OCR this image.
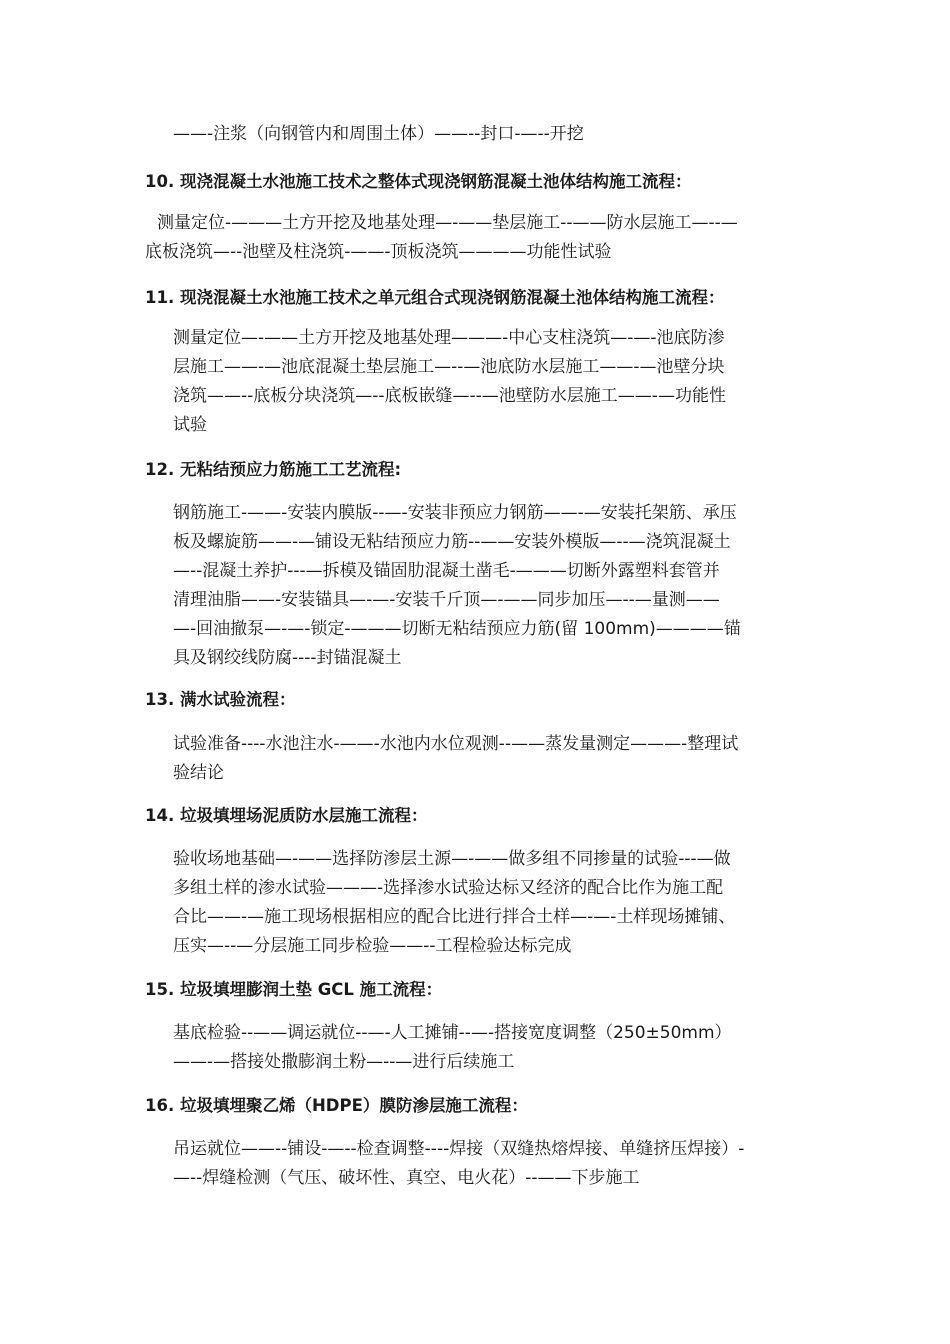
——-注浆（向钢管内和周围土体）——--封口-—--开挖

10. 现浇混凝土水池施工技术之整体式现浇钢筋混凝土池体结构施工流程：

测量定位-———土方开挖及地基处理—-——垫层施工--——防水层施工—--—
底板浇筑—--池壁及柱浇筑-——-顶板浇筑————功能性试验

11. 现浇混凝土水池施工技术之单元组合式现浇钢筋混凝土池体结构施工流程：

测量定位—-——土方开挖及地基处理———-中心支柱浇筑—-—-池底防渗
层施工——-—池底混凝土垫层施工—--—池底防水层施工——-—池壁分块
浇筑——--底板分块浇筑—--底板嵌缝—--—池壁防水层施工——-—功能性
试验

12. 无粘结预应力筋施工工艺流程:

钢筋施工-——-安装内膜版--—-安装非预应力钢筋——-—安装托架筋、承压
板及螺旋筋——-—铺设无粘结预应力筋--——安装外模版—--—浇筑混凝土
—--混凝土养护---—拆模及锚固肋混凝土凿毛-———切断外露塑料套管并
清理油脂——-安装锚具—-—-安装千斤顶—-——同步加压—--—量测——
—-回油撤泵—-—-锁定-———切断无粘结预应力筋(留 100mm)————锚
具及钢绞线防腐----封锚混凝土

13. 满水试验流程：

试验准备----水池注水-——-水池内水位观测--——蒸发量测定———-整理试
验结论

14. 垃圾填埋场泥质防水层施工流程：

验收场地基础—-——选择防渗层土源—-——做多组不同掺量的试验---—做
多组土样的渗水试验———-选择渗水试验达标又经济的配合比作为施工配
合比——-—施工现场根据相应的配合比进行拌合土样—-—-土样现场摊铺、
压实—--—分层施工同步检验——--工程检验达标完成

15. 垃圾填埋膨润土垫 GCL 施工流程：

基底检验--——调运就位--—-人工摊铺--—-搭接宽度调整（250±50mm）
——-—搭接处撒膨润土粉—--—进行后续施工

16. 垃圾填埋聚乙烯（HDPE）膜防渗层施工流程：

吊运就位——--铺设-—--检查调整----焊接（双缝热熔焊接、单缝挤压焊接）-
—--焊缝检测（气压、破坏性、真空、电火花）--——下步施工
